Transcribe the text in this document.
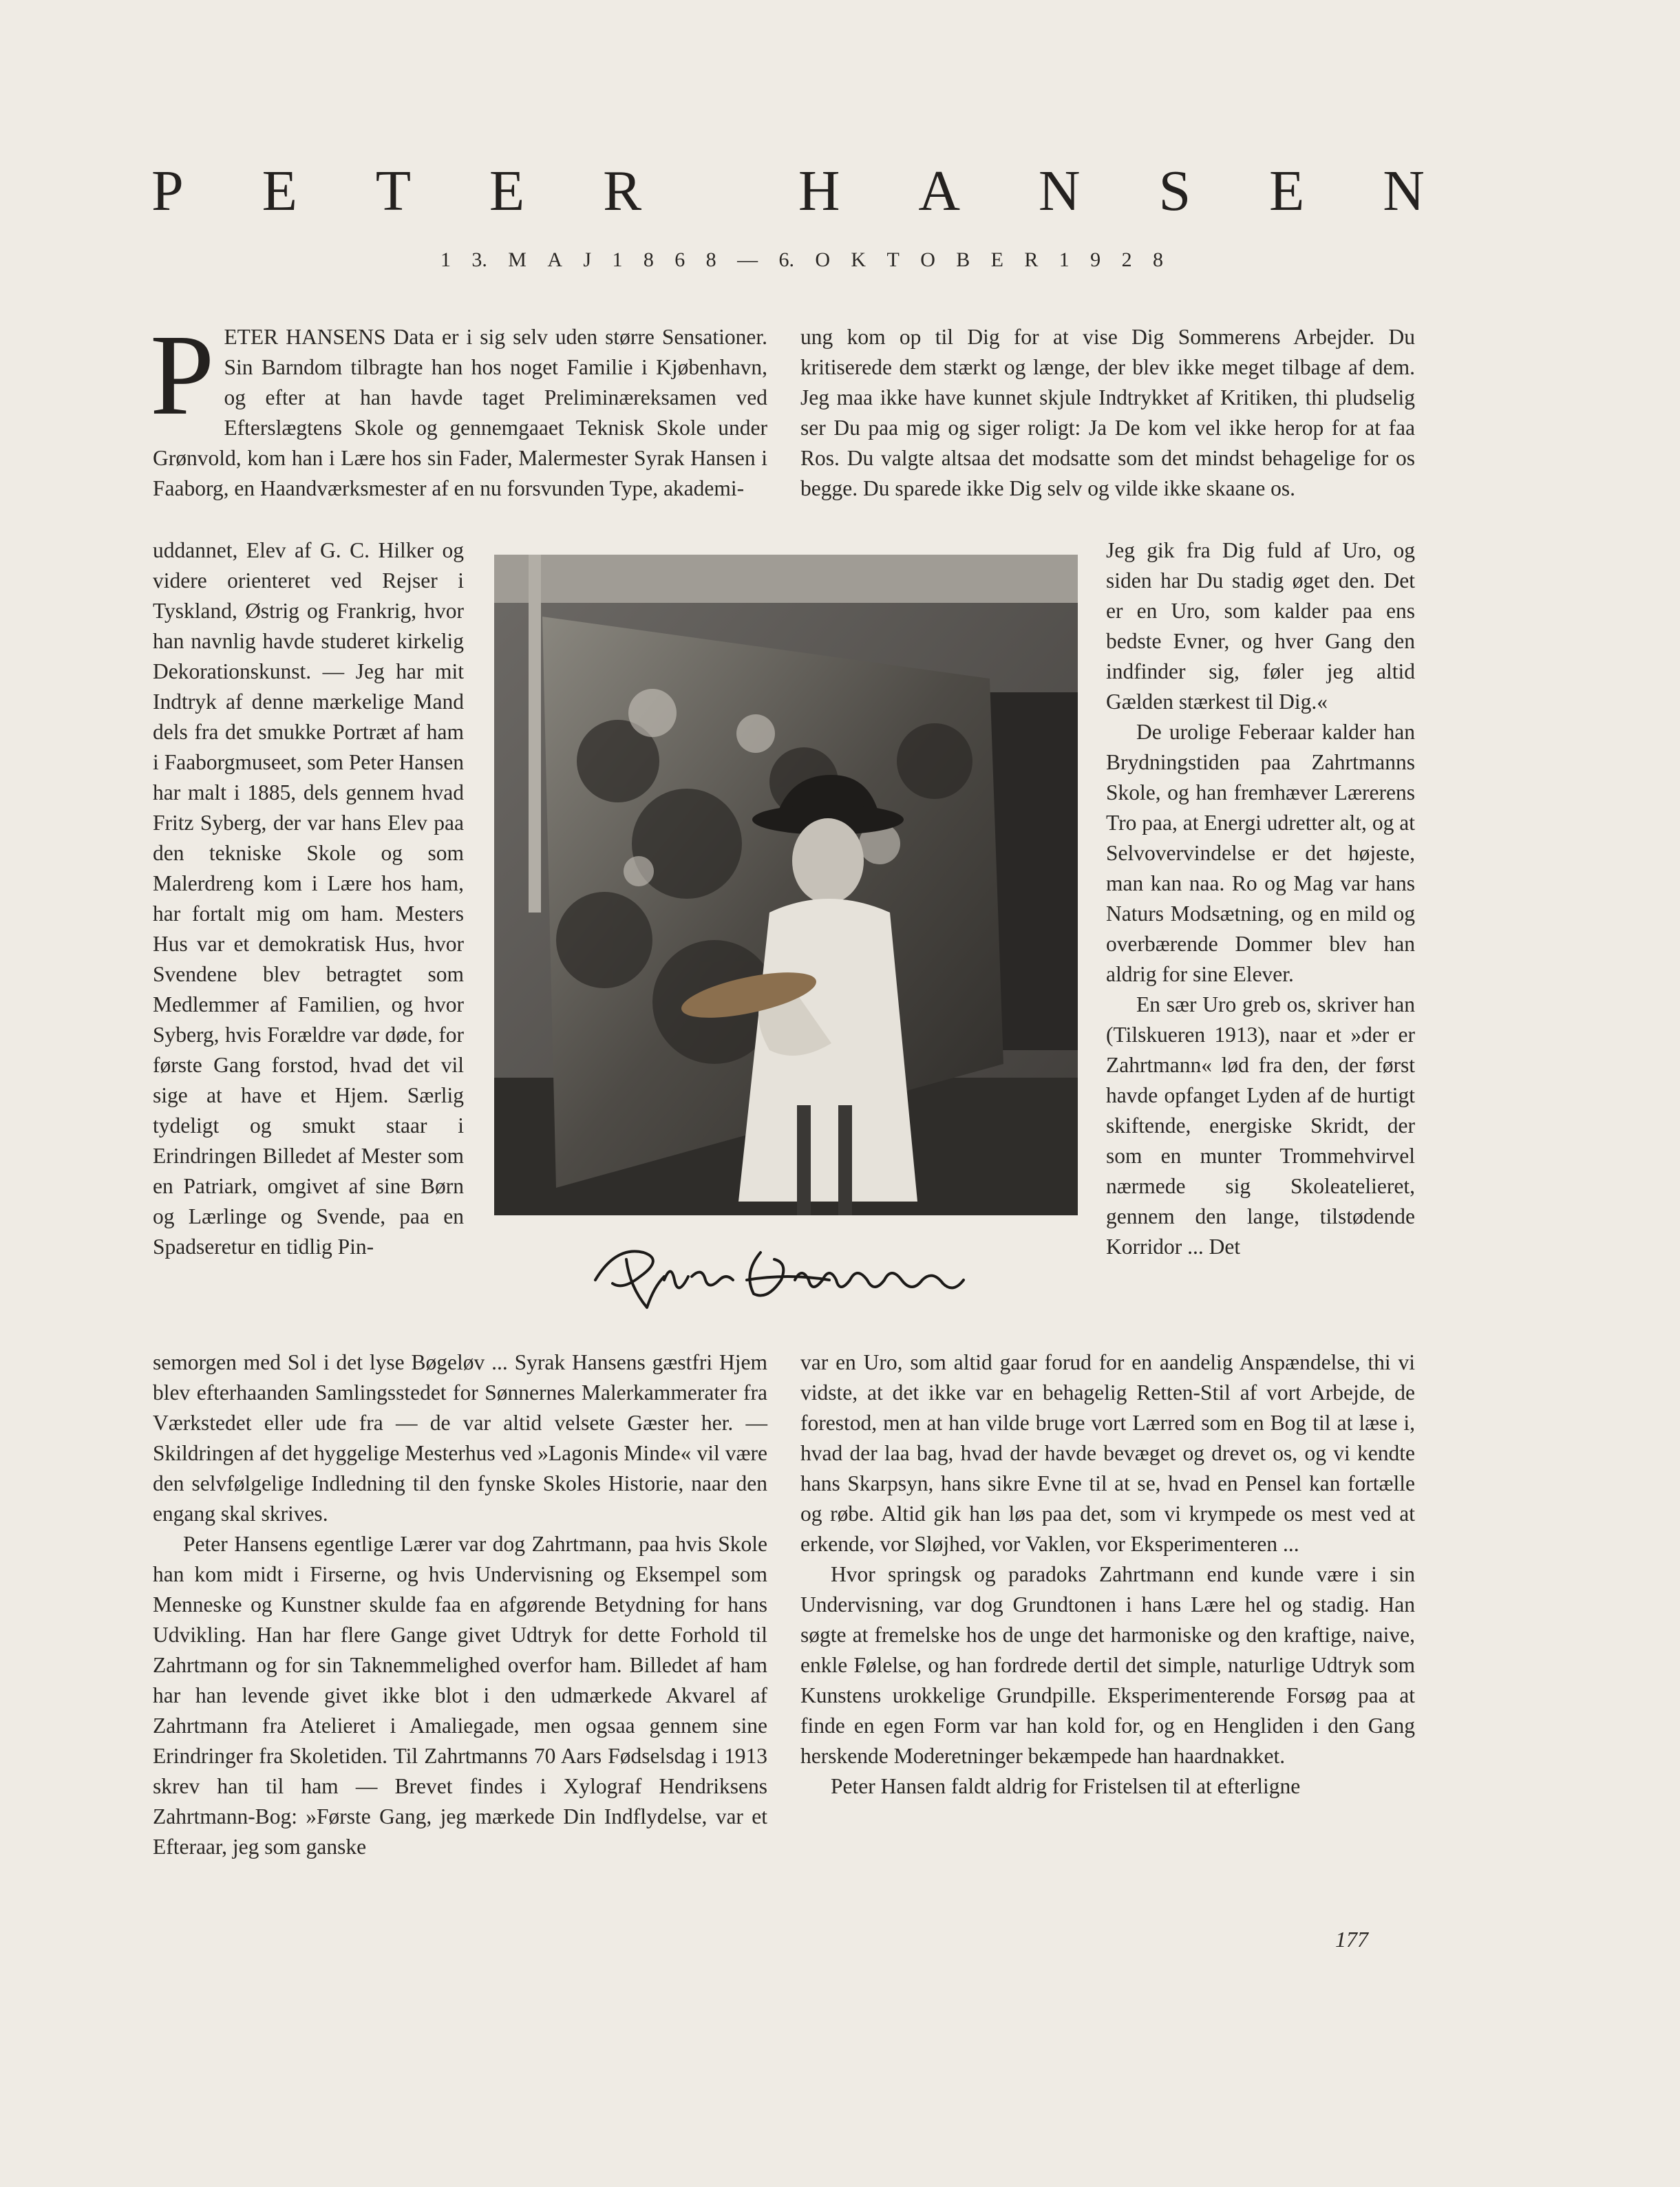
P E T E R	H A N S E N
1 3. M A J 1 8 6 8 — 6. O K T O B E R 1 9 2 8
P ETER HANSENS Data er i sig selv uden større Sensationer. Sin Barndom tilbragte han hos noget Familie i Kjøbenhavn, og efter at han havde taget Preliminæreksamen ved Efterslægtens Skole og gennemgaaet Teknisk Skole under Grønvold, kom han i Lære hos sin Fader, Malermester Syrak Hansen i Faaborg, en Haandværksmester af en nu forsvunden Type, akademi-

uddannet, Elev af G. C. Hilker og videre orienteret ved Rejser i Tyskland, Østrig og Frankrig, hvor han navnlig havde studeret kirkelig Dekorationskunst. — Jeg har mit Indtryk af denne mærkelige Mand dels fra det smukke Portræt af ham i Faaborgmuseet, som Peter Hansen har malt i 1885, dels gennem hvad Fritz Syberg, der var hans Elev paa den tekniske Skole og som Malerdreng kom i Lære hos ham, har fortalt mig om ham. Mesters Hus var et demokratisk Hus, hvor Svendene blev betragtet som Medlemmer af Familien, og hvor Syberg, hvis Forældre var døde, for første Gang forstod, hvad det vil sige at have et Hjem. Særlig tydeligt og smukt staar i Erindringen Billedet af Mester som en Patriark, omgivet af sine Børn og Lærlinge og Svende, paa en Spadseretur en tidlig Pin-

semorgen med Sol i det lyse Bøgeløv ... Syrak Hansens gæstfri Hjem blev efterhaanden Samlingsstedet for Sønnernes Malerkammerater fra Værkstedet eller ude fra — de var altid velsete Gæster her. — Skildringen af det hyggelige Mesterhus ved »Lagonis Minde« vil være den selvfølgelige Indledning til den fynske Skoles Historie, naar den engang skal skrives.

Peter Hansens egentlige Lærer var dog Zahrtmann, paa hvis Skole han kom midt i Firserne, og hvis Undervisning og Eksempel som Menneske og Kunstner skulde faa en afgørende Betydning for hans Udvikling. Han har flere Gange givet Udtryk for dette Forhold til Zahrtmann og for sin Taknemmelighed overfor ham. Billedet af ham har han levende givet ikke blot i den udmærkede Akvarel af Zahrtmann fra Atelieret i Amaliegade, men ogsaa gennem sine Erindringer fra Skoletiden. Til Zahrtmanns 70 Aars Fødselsdag i 1913 skrev han til ham — Brevet findes i Xylograf Hendriksens Zahrtmann-Bog: »Første Gang, jeg mærkede Din Indflydelse, var et Efteraar, jeg som ganske

ung kom op til Dig for at vise Dig Sommerens Arbejder. Du kritiserede dem stærkt og længe, der blev ikke meget tilbage af dem. Jeg maa ikke have kunnet skjule Indtrykket af Kritiken, thi pludselig ser Du paa mig og siger roligt: Ja De kom vel ikke herop for at faa Ros. Du valgte altsaa det modsatte som det mindst behagelige for os begge. Du sparede ikke Dig selv og vilde ikke skaane os.

Jeg gik fra Dig fuld af Uro, og siden har Du stadig øget den. Det er en Uro, som kalder paa ens bedste Evner, og hver Gang den indfinder sig, føler jeg altid Gælden stærkest til Dig.«

De urolige Feberaar kalder han Brydningstiden paa Zahrtmanns Skole, og han fremhæver Lærerens Tro paa, at Energi udretter alt, og at Selvovervindelse er det højeste, man kan naa. Ro og Mag var hans Naturs Modsætning, og en mild og overbærende Dommer blev han aldrig for sine Elever.

En sær Uro greb os, skriver han (Tilskueren 1913), naar et »der er Zahrtmann« lød fra den, der først havde opfanget Lyden af de hurtigt skiftende, energiske Skridt, der som en munter Trommehvirvel nærmede sig Skoleatelieret, gennem den lange, tilstødende Korridor ... Det

var en Uro, som altid gaar forud for en aandelig Anspændelse, thi vi vidste, at det ikke var en behagelig Retten-Stil af vort Arbejde, de forestod, men at han vilde bruge vort Lærred som en Bog til at læse i, hvad der laa bag, hvad der havde bevæget og drevet os, og vi kendte hans Skarpsyn, hans sikre Evne til at se, hvad en Pensel kan fortælle og røbe. Altid gik han løs paa det, som vi krympede os mest ved at erkende, vor Sløjhed, vor Vaklen, vor Eksperimenteren ...

Hvor springsk og paradoks Zahrtmann end kunde være i sin Undervisning, var dog Grundtonen i hans Lære hel og stadig. Han søgte at fremelske hos de unge det harmoniske og den kraftige, naive, enkle Følelse, og han fordrede dertil det simple, naturlige Udtryk som Kunstens urokkelige Grundpille. Eksperimenterende Forsøg paa at finde en egen Form var han kold for, og en Hengliden i den Gang herskende Moderetninger bekæmpede han haardnakket.

Peter Hansen faldt aldrig for Fristelsen til at efterligne

Peter Hansen
177
